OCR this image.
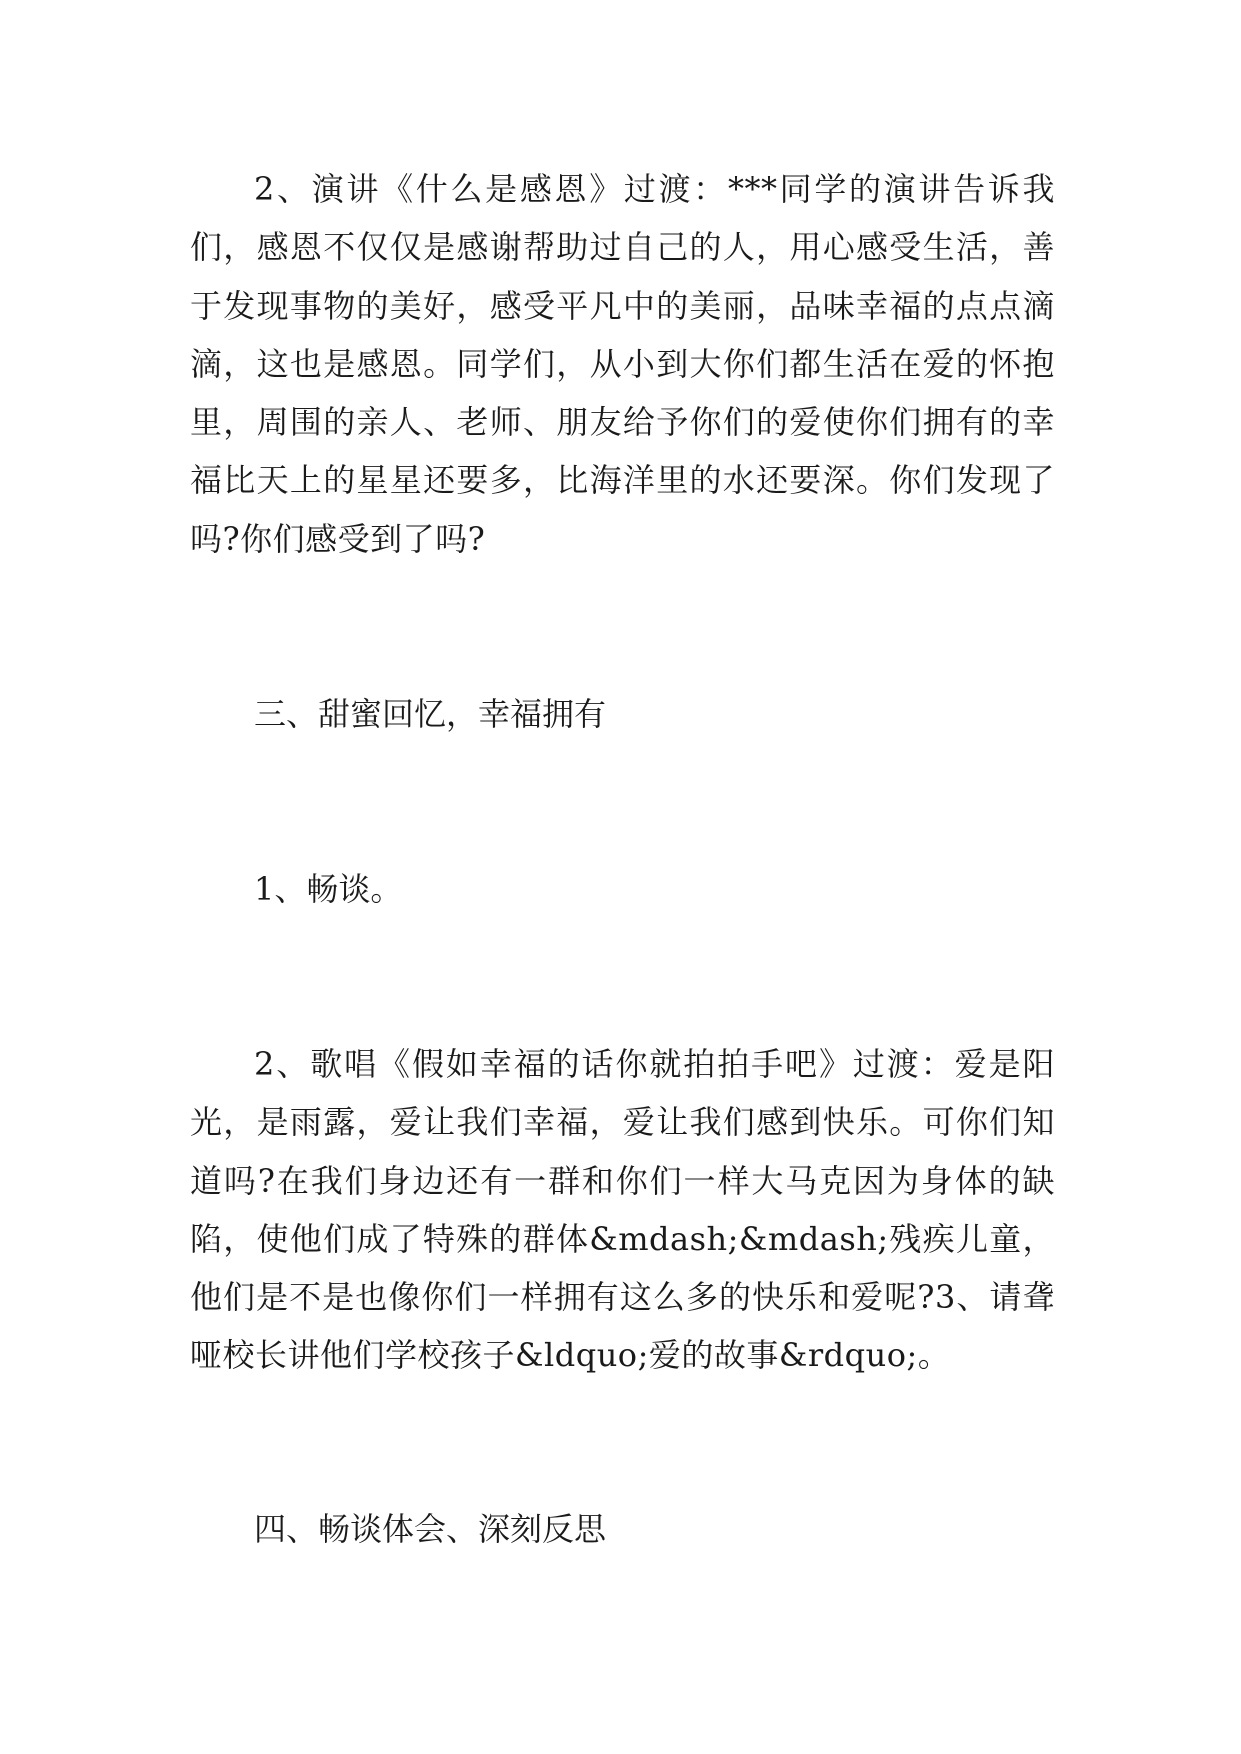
2、演讲《什么是感恩》过渡：***同学的演讲告诉我们，感恩不仅仅是感谢帮助过自己的人，用心感受生活，善于发现事物的美好，感受平凡中的美丽，品味幸福的点点滴滴，这也是感恩。同学们，从小到大你们都生活在爱的怀抱里，周围的亲人、老师、朋友给予你们的爱使你们拥有的幸福比天上的星星还要多，比海洋里的水还要深。你们发现了吗?你们感受到了吗?

三、甜蜜回忆，幸福拥有

1、畅谈。

2、歌唱《假如幸福的话你就拍拍手吧》过渡：爱是阳光，是雨露，爱让我们幸福，爱让我们感到快乐。可你们知道吗?在我们身边还有一群和你们一样大马克因为身体的缺陷，使他们成了特殊的群体&mdash;&mdash;残疾儿童，他们是不是也像你们一样拥有这么多的快乐和爱呢?3、请聋哑校长讲他们学校孩子&ldquo;爱的故事&rdquo;。

四、畅谈体会、深刻反思
